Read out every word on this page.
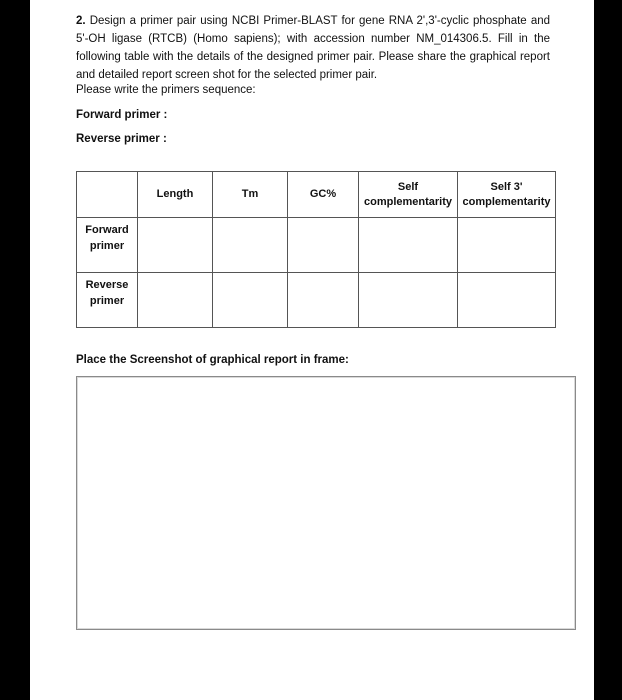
2. Design a primer pair using NCBI Primer-BLAST for gene RNA 2',3'-cyclic phosphate and 5'-OH ligase (RTCB) (Homo sapiens); with accession number NM_014306.5. Fill in the following table with the details of the designed primer pair. Please share the graphical report and detailed report screen shot for the selected primer pair.
Please write the primers sequence:
Forward primer :
Reverse primer :
	Length	Tm	GC%	Self complementarity	Self 3' complementarity
Forward primer					
Reverse primer					
Place the Screenshot of graphical report in frame:
